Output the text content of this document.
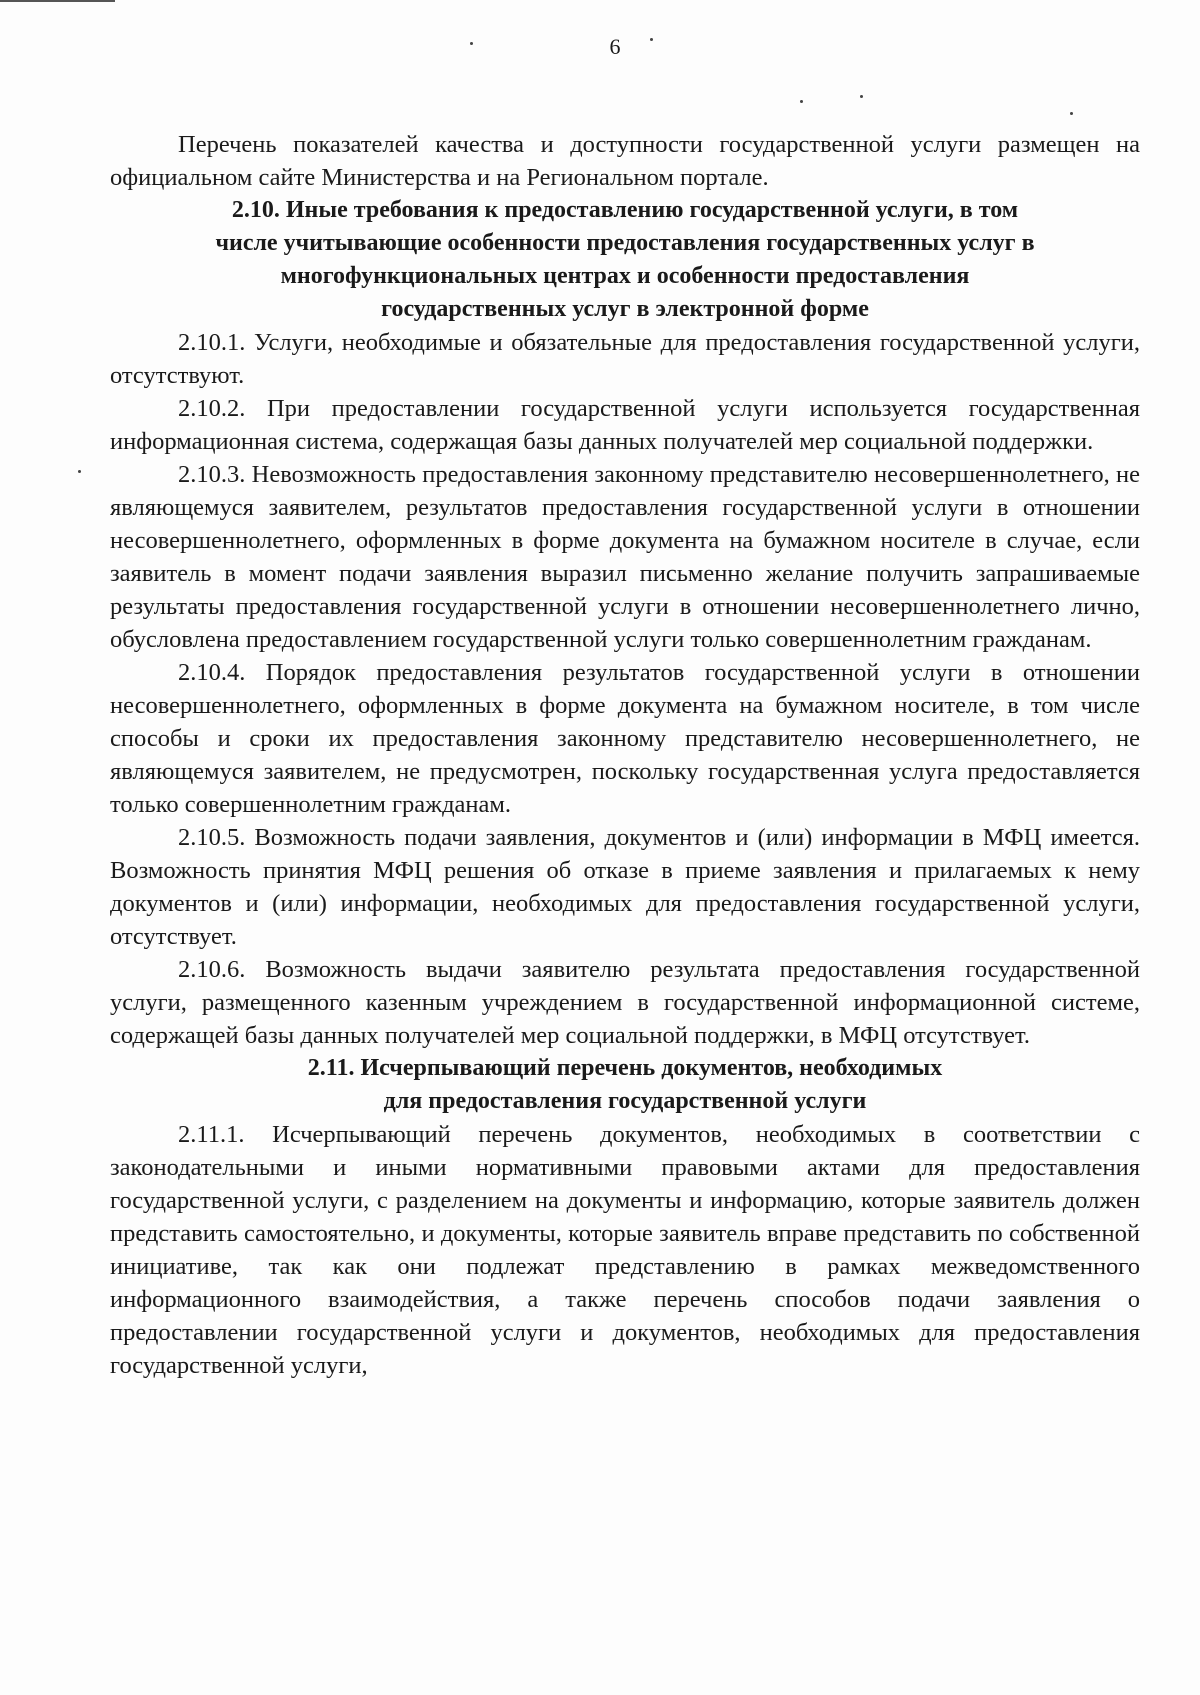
6

Перечень показателей качества и доступности государственной услуги размещен на официальном сайте Министерства и на Региональном портале.

2.10. Иные требования к предоставлению государственной услуги, в том
числе учитывающие особенности предоставления государственных услуг в
многофункциональных центрах и особенности предоставления
государственных услуг в электронной форме

2.10.1. Услуги, необходимые и обязательные для предоставления государственной услуги, отсутствуют.

2.10.2. При предоставлении государственной услуги используется государственная информационная система, содержащая базы данных получателей мер социальной поддержки.

2.10.3. Невозможность предоставления законному представителю несовершеннолетнего, не являющемуся заявителем, результатов предоставления государственной услуги в отношении несовершеннолетнего, оформленных в форме документа на бумажном носителе в случае, если заявитель в момент подачи заявления выразил письменно желание получить запрашиваемые результаты предоставления государственной услуги в отношении несовершеннолетнего лично, обусловлена предоставлением государственной услуги только совершеннолетним гражданам.

2.10.4. Порядок предоставления результатов государственной услуги в отношении несовершеннолетнего, оформленных в форме документа на бумажном носителе, в том числе способы и сроки их предоставления законному представителю несовершеннолетнего, не являющемуся заявителем, не предусмотрен, поскольку государственная услуга предоставляется только совершеннолетним гражданам.

2.10.5. Возможность подачи заявления, документов и (или) информации в МФЦ имеется. Возможность принятия МФЦ решения об отказе в приеме заявления и прилагаемых к нему документов и (или) информации, необходимых для предоставления государственной услуги, отсутствует.

2.10.6. Возможность выдачи заявителю результата предоставления государственной услуги, размещенного казенным учреждением в государственной информационной системе, содержащей базы данных получателей мер социальной поддержки, в МФЦ отсутствует.

2.11. Исчерпывающий перечень документов, необходимых
для предоставления государственной услуги

2.11.1. Исчерпывающий перечень документов, необходимых в соответствии с законодательными и иными нормативными правовыми актами для предоставления государственной услуги, с разделением на документы и информацию, которые заявитель должен представить самостоятельно, и документы, которые заявитель вправе представить по собственной инициативе, так как они подлежат представлению в рамках межведомственного информационного взаимодействия, а также перечень способов подачи заявления о предоставлении государственной услуги и документов, необходимых для предоставления государственной услуги,
